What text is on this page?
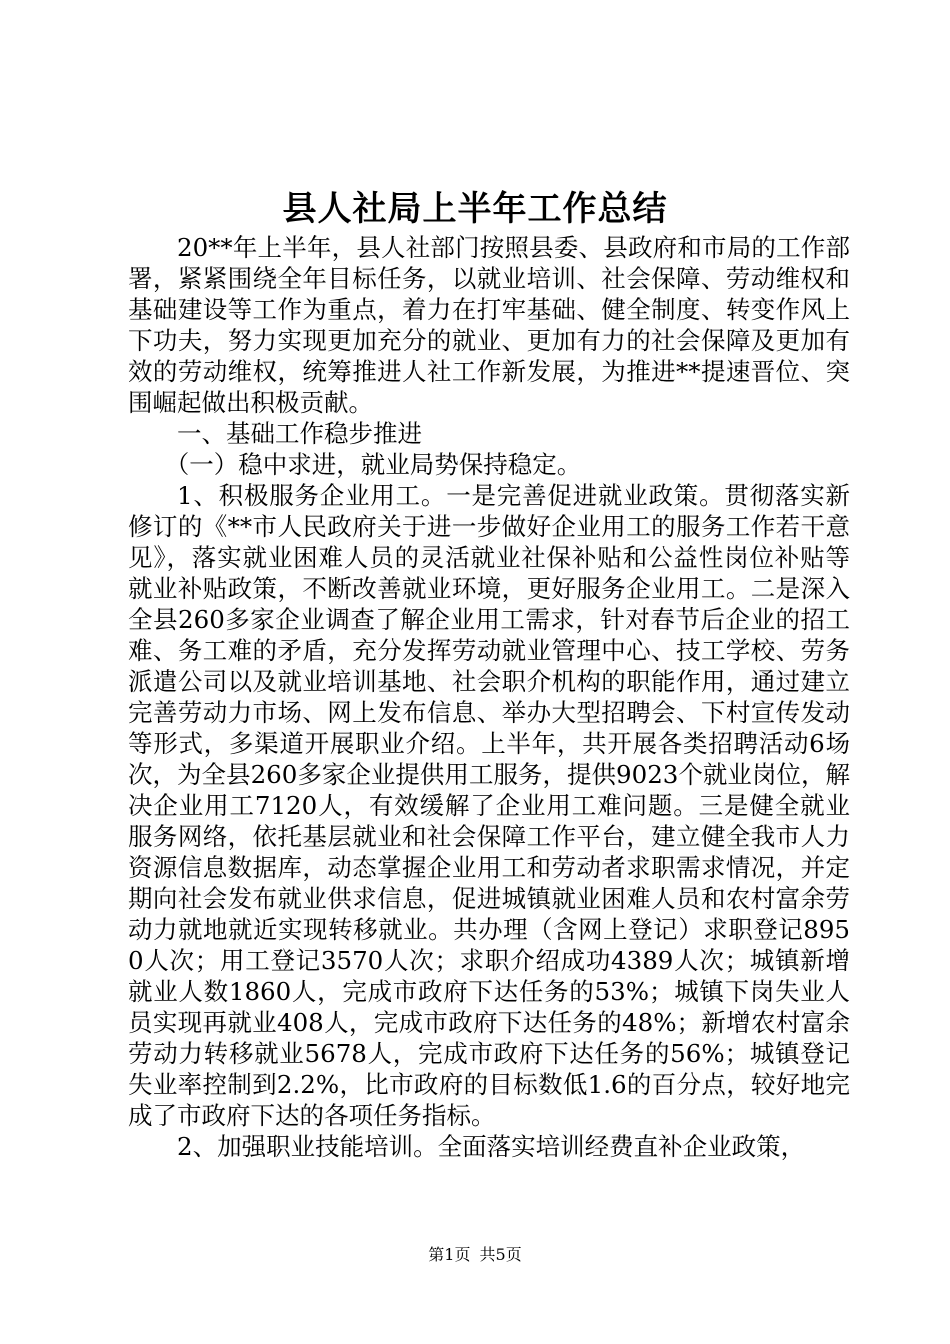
县人社局上半年工作总结

20**年上半年，县人社部门按照县委、县政府和市局的工作部署，紧紧围绕全年目标任务，以就业培训、社会保障、劳动维权和基础建设等工作为重点，着力在打牢基础、健全制度、转变作风上下功夫，努力实现更加充分的就业、更加有力的社会保障及更加有效的劳动维权，统筹推进人社工作新发展，为推进**提速晋位、突围崛起做出积极贡献。

一、基础工作稳步推进

（一）稳中求进，就业局势保持稳定。

1、积极服务企业用工。一是完善促进就业政策。贯彻落实新修订的《**市人民政府关于进一步做好企业用工的服务工作若干意见》，落实就业困难人员的灵活就业社保补贴和公益性岗位补贴等就业补贴政策，不断改善就业环境，更好服务企业用工。二是深入全县260多家企业调查了解企业用工需求，针对春节后企业的招工难、务工难的矛盾，充分发挥劳动就业管理中心、技工学校、劳务派遣公司以及就业培训基地、社会职介机构的职能作用，通过建立完善劳动力市场、网上发布信息、举办大型招聘会、下村宣传发动等形式，多渠道开展职业介绍。上半年，共开展各类招聘活动6场次，为全县260多家企业提供用工服务，提供9023个就业岗位，解决企业用工7120人，有效缓解了企业用工难问题。三是健全就业服务网络，依托基层就业和社会保障工作平台，建立健全我市人力资源信息数据库，动态掌握企业用工和劳动者求职需求情况，并定期向社会发布就业供求信息，促进城镇就业困难人员和农村富余劳动力就地就近实现转移就业。共办理（含网上登记）求职登记8950人次；用工登记3570人次；求职介绍成功4389人次；城镇新增就业人数1860人，完成市政府下达任务的53%；城镇下岗失业人员实现再就业408人，完成市政府下达任务的48%；新增农村富余劳动力转移就业5678人，完成市政府下达任务的56%；城镇登记失业率控制到2.2%，比市政府的目标数低1.6的百分点，较好地完成了市政府下达的各项任务指标。

2、加强职业技能培训。全面落实培训经费直补企业政策，

第1页 共5页
